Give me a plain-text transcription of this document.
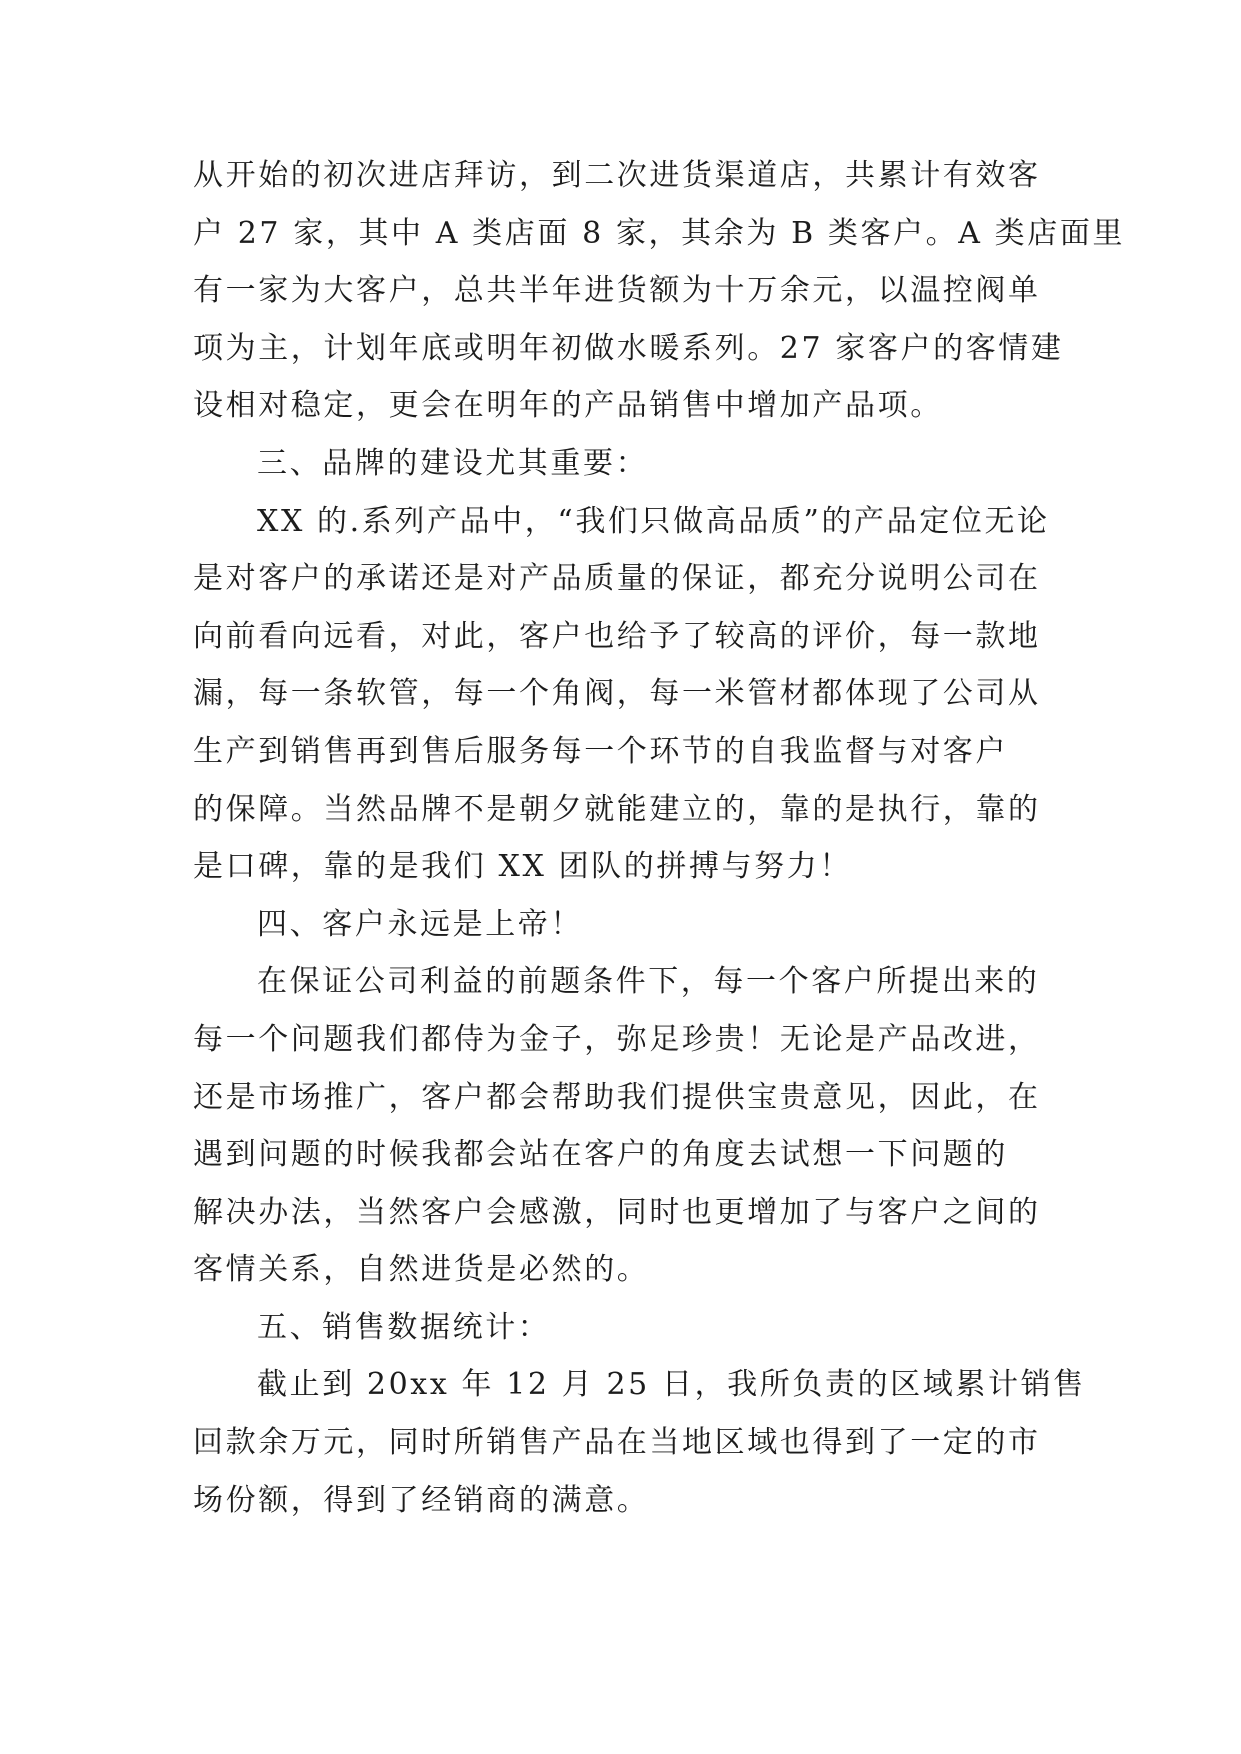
从开始的初次进店拜访，到二次进货渠道店，共累计有效客
户 27 家，其中 A 类店面 8 家，其余为 B 类客户。A 类店面里
有一家为大客户，总共半年进货额为十万余元，以温控阀单
项为主，计划年底或明年初做水暖系列。27 家客户的客情建
设相对稳定，更会在明年的产品销售中增加产品项。

三、品牌的建设尤其重要：

XX 的.系列产品中，“我们只做高品质”的产品定位无论
是对客户的承诺还是对产品质量的保证，都充分说明公司在
向前看向远看，对此，客户也给予了较高的评价，每一款地
漏，每一条软管，每一个角阀，每一米管材都体现了公司从
生产到销售再到售后服务每一个环节的自我监督与对客户
的保障。当然品牌不是朝夕就能建立的，靠的是执行，靠的
是口碑，靠的是我们 XX 团队的拼搏与努力！

四、客户永远是上帝！

在保证公司利益的前题条件下，每一个客户所提出来的
每一个问题我们都侍为金子，弥足珍贵！无论是产品改进，
还是市场推广，客户都会帮助我们提供宝贵意见，因此，在
遇到问题的时候我都会站在客户的角度去试想一下问题的
解决办法，当然客户会感激，同时也更增加了与客户之间的
客情关系，自然进货是必然的。

五、销售数据统计：

截止到 20xx 年 12 月 25 日，我所负责的区域累计销售
回款余万元，同时所销售产品在当地区域也得到了一定的市
场份额，得到了经销商的满意。
